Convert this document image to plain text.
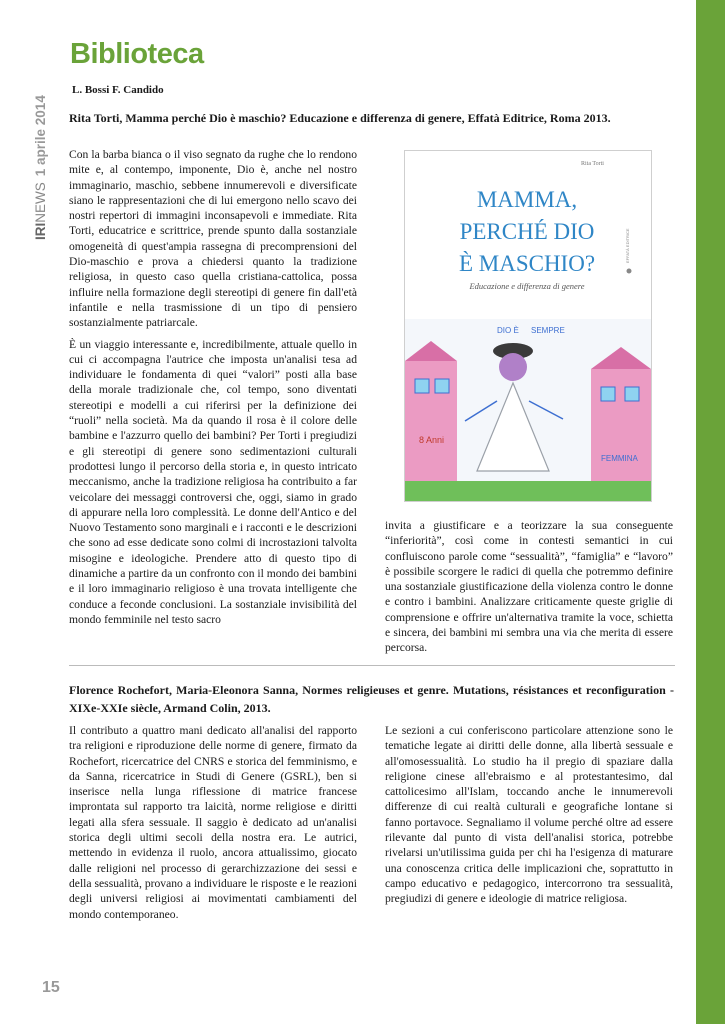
IRINEWS1 aprile 2014
Biblioteca
L. Bossi F. Candido
Rita Torti, Mamma perché Dio è maschio? Educazione e differenza di genere, Effatà Editrice, Roma 2013.

Con la barba bianca o il viso segnato da rughe che lo rendono mite e, al contempo, imponente, Dio è, anche nel nostro immaginario, maschio, sebbene innumerevoli e diversificate siano le rappresentazioni che di lui emergono nello scavo dei nostri repertori di immagini inconsapevoli e immediate. Rita Torti, educatrice e scrittrice, prende spunto dalla sostanziale omogeneità di quest'ampia rassegna di precomprensioni del Dio-maschio e prova a chiedersi quanto la tradizione religiosa, in questo caso quella cristiana-cattolica, possa influire nella formazione degli stereotipi di genere fin dall'età infantile e nella trasmissione di un tipo di pensiero sostanzialmente patriarcale.

È un viaggio interessante e, incredibilmente, attuale quello in cui ci accompagna l'autrice che imposta un'analisi tesa ad individuare le fondamenta di quei “valori” posti alla base della morale tradizionale che, col tempo, sono diventati stereotipi e modelli a cui riferirsi per la definizione dei “ruoli” nella società. Ma da quando il rosa è il colore delle bambine e l'azzurro quello dei bambini? Per Torti i pregiudizi e gli stereotipi di genere sono sedimentazioni culturali prodottesi lungo il percorso della storia e, in questo intricato meccanismo, anche la tradizione religiosa ha contribuito a far veicolare dei messaggi controversi che, oggi, siamo in grado di appurare nella loro complessità. Le donne dell'Antico e del Nuovo Testamento sono marginali e i racconti e le descrizioni che sono ad esse dedicate sono colmi di incrostazioni talvolta misogine e ideologiche. Prendere atto di questo tipo di dinamiche a partire da un confronto con il mondo dei bambini e il loro immaginario religioso è una trovata intelligente che conduce a feconde conclusioni. La sostanziale invisibilità del mondo femminile nel testo sacro

Rita Torti
MAMMA,
PERCHÉ DIO
È MASCHIO?
Educazione e differenza di genere
EFFATÀ EDITRICE
DIO È SEMPRE
8 Anni
FEMMINA

invita a giustificare e a teorizzare la sua conseguente “inferiorità”, così come in contesti semantici in cui confluiscono parole come “sessualità”, “famiglia” e “lavoro” è possibile scorgere le radici di quella che potremmo definire una sostanziale giustificazione della violenza contro le donne e contro i bambini. Analizzare criticamente queste griglie di comprensione e offrire un'alternativa tramite la voce, schietta e sincera, dei bambini mi sembra una via che merita di essere percorsa.

Florence Rochefort, Maria-Eleonora Sanna, Normes religieuses et genre. Mutations, résistances et reconfiguration - XIXe-XXIe siècle, Armand Colin, 2013.

Il contributo a quattro mani dedicato all'analisi del rapporto tra religioni e riproduzione delle norme di genere, firmato da Rochefort, ricercatrice del CNRS e storica del femminismo, e da Sanna, ricercatrice in Studi di Genere (GSRL), ben si inserisce nella lunga riflessione di matrice francese improntata sul rapporto tra laicità, norme religiose e diritti legati alla sfera sessuale. Il saggio è dedicato ad un'analisi storica degli ultimi secoli della nostra era. Le autrici, mettendo in evidenza il ruolo, ancora attualissimo, giocato dalle religioni nel processo di gerarchizzazione dei sessi e della sessualità, provano a individuare le risposte e le reazioni degli universi religiosi ai movimentati cambiamenti del mondo contemporaneo.

Le sezioni a cui conferiscono particolare attenzione sono le tematiche legate ai diritti delle donne, alla libertà sessuale e all'omosessualità. Lo studio ha il pregio di spaziare dalla religione cinese all'ebraismo e al protestantesimo, dal cattolicesimo all'Islam, toccando anche le innumerevoli differenze di cui realtà culturali e geografiche lontane si fanno portavoce. Segnaliamo il volume perché oltre ad essere rilevante dal punto di vista dell'analisi storica, potrebbe rivelarsi un'utilissima guida per chi ha l'esigenza di maturare una conoscenza critica delle implicazioni che, soprattutto in campo educativo e pedagogico, intercorrono tra sessualità, pregiudizi di genere e ideologie di matrice religiosa.

15
